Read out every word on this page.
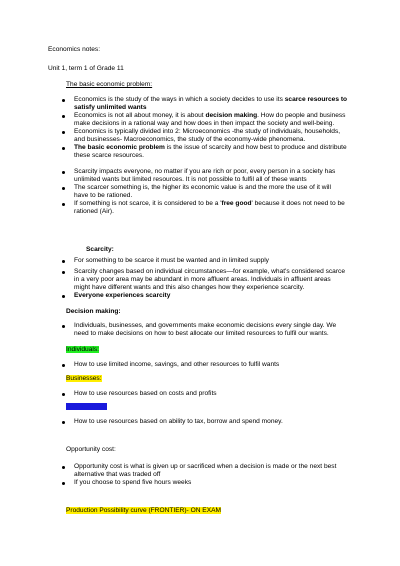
Economics notes:
Unit 1, term 1 of Grade 11
The basic economic problem:
Economics is the study of the ways in which a society decides to use its scarce resources to
satisfy unlimited wants
Economics is not all about money, it is about decision making. How do people and business
make decisions in a rational way and how does in then impact the society and well-being.
Economics is typically divided into 2: Microeconomics -the study of individuals, households,
and businesses- Macroeconomics, the study of the economy-wide phenomena.
The basic economic problem is the issue of scarcity and how best to produce and distribute
these scarce resources.
Scarcity impacts everyone, no matter if you are rich or poor, every person in a society has
unlimited wants but limited resources. It is not possible to fulfil all of these wants
The scarcer something is, the higher its economic value is and the more the use of it will
have to be rationed.
If something is not scarce, it is considered to be a 'free good' because it does not need to be
rationed (Air).
Scarcity:
For something to be scarce it must be wanted and in limited supply
Scarcity changes based on individual circumstances—for example, what's considered scarce
in a very poor area may be abundant in more affluent areas. Individuals in affluent areas
might have different wants and this also changes how they experience scarcity.
Everyone experiences scarcity
Decision making:
Individuals, businesses, and governments make economic decisions every single day. We
need to make decisions on how to best allocate our limited resources to fulfil our wants.
Individuals:
How to use limited income, savings, and other resources to fulfil wants
Businesses:
How to use resources based on costs and profits
Governments:
How to use resources based on ability to tax, borrow and spend money.
Opportunity cost:
Opportunity cost is what is given up or sacrificed when a decision is made or the next best
alternative that was traded off
If you choose to spend five hours weeks
Production Possibility curve (FRONTIER)- ON EXAM
